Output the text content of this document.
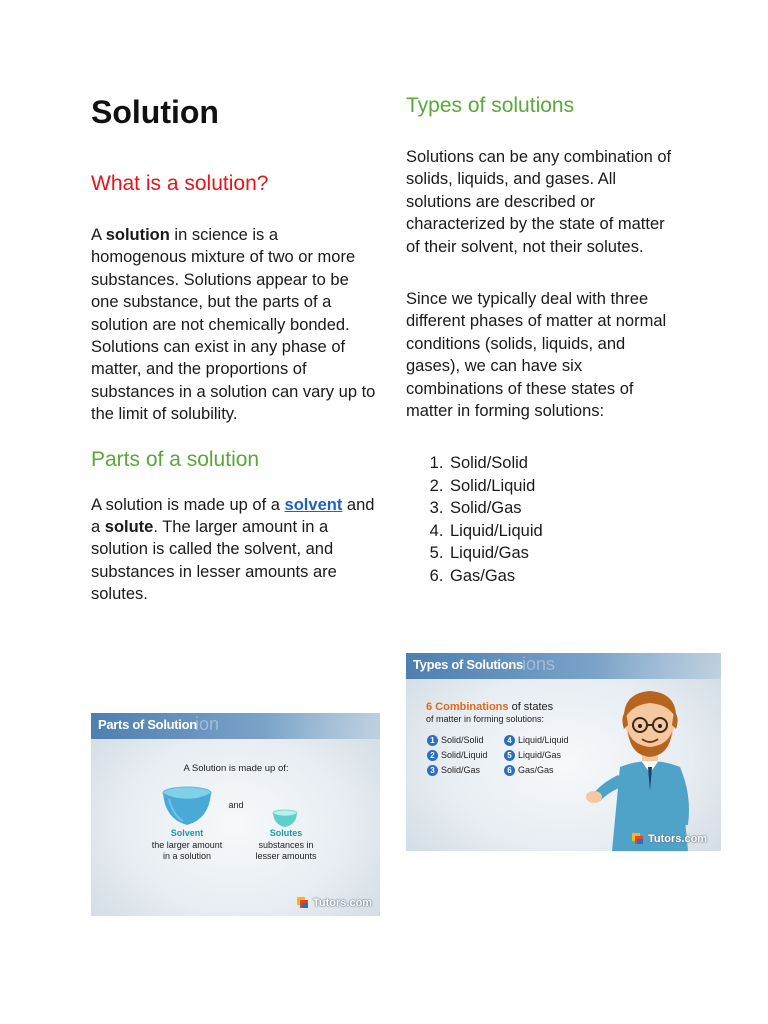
Solution
What is a solution?

A solution in science is a homogenous mixture of two or more substances. Solutions appear to be one substance, but the parts of a solution are not chemically bonded. Solutions can exist in any phase of matter, and the proportions of substances in a solution can vary up to the limit of solubility.

Parts of a solution

A solution is made up of a solvent and a solute. The larger amount in a solution is called the solvent, and substances in lesser amounts are solutes.

Types of solutions

Solutions can be any combination of solids, liquids, and gases. All solutions are described or characterized by the state of matter of their solvent, not their solutes.

Since we typically deal with three different phases of matter at normal conditions (solids, liquids, and gases), we can have six combinations of these states of matter in forming solutions:

1. Solid/Solid
2. Solid/Liquid
3. Solid/Gas
4. Liquid/Liquid
5. Liquid/Gas
6. Gas/Gas
Parts of Solution
ion
A Solution is made up of:
and
Solvent
the larger amount
in a solution
Solutes
substances in
lesser amounts
Tutors.com
Types of Solutions ions
6 Combinations of states
of matter in forming solutions:
1 Solid/Solid
2 Solid/Liquid
3 Solid/Gas
4 Liquid/Liquid
5 Liquid/Gas
6 Gas/Gas
Tutors.com
